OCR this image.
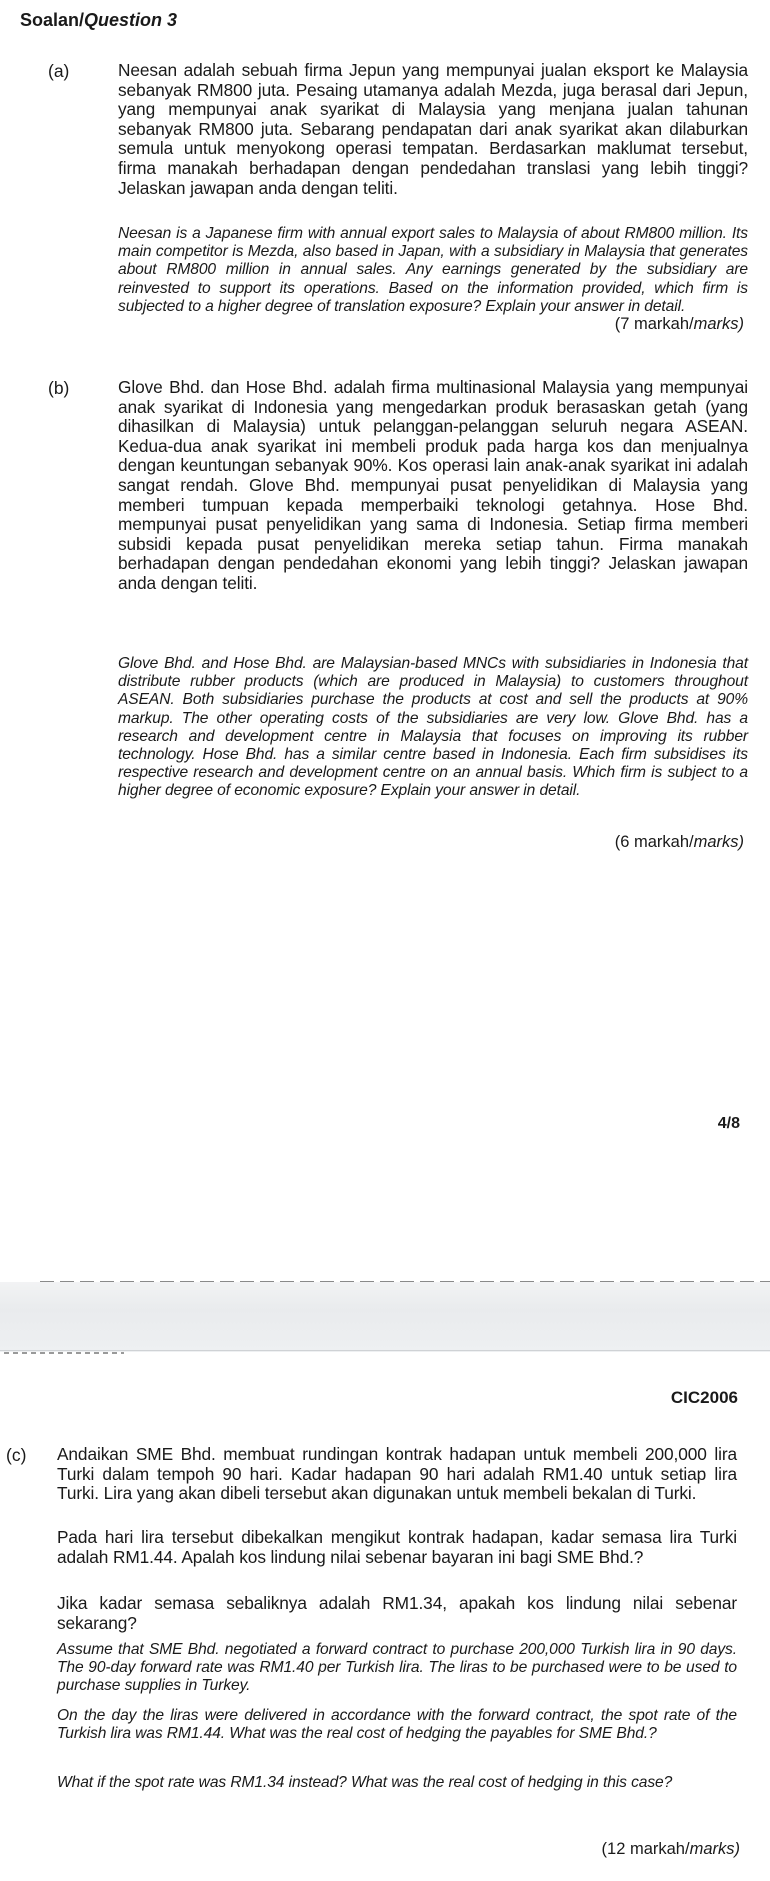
Soalan/Question 3
(a)	Neesan adalah sebuah firma Jepun yang mempunyai jualan eksport ke Malaysia sebanyak RM800 juta. Pesaing utamanya adalah Mezda, juga berasal dari Jepun, yang mempunyai anak syarikat di Malaysia yang menjana jualan tahunan sebanyak RM800 juta. Sebarang pendapatan dari anak syarikat akan dilaburkan semula untuk menyokong operasi tempatan. Berdasarkan maklumat tersebut, firma manakah berhadapan dengan pendedahan translasi yang lebih tinggi? Jelaskan jawapan anda dengan teliti.

Neesan is a Japanese firm with annual export sales to Malaysia of about RM800 million. Its main competitor is Mezda, also based in Japan, with a subsidiary in Malaysia that generates about RM800 million in annual sales. Any earnings generated by the subsidiary are reinvested to support its operations. Based on the information provided, which firm is subjected to a higher degree of translation exposure? Explain your answer in detail.

(7 markah/marks)
(b)	Glove Bhd. dan Hose Bhd. adalah firma multinasional Malaysia yang mempunyai anak syarikat di Indonesia yang mengedarkan produk berasaskan getah (yang dihasilkan di Malaysia) untuk pelanggan-pelanggan seluruh negara ASEAN. Kedua-dua anak syarikat ini membeli produk pada harga kos dan menjualnya dengan keuntungan sebanyak 90%. Kos operasi lain anak-anak syarikat ini adalah sangat rendah. Glove Bhd. mempunyai pusat penyelidikan di Malaysia yang memberi tumpuan kepada memperbaiki teknologi getahnya. Hose Bhd. mempunyai pusat penyelidikan yang sama di Indonesia. Setiap firma memberi subsidi kepada pusat penyelidikan mereka setiap tahun. Firma manakah berhadapan dengan pendedahan ekonomi yang lebih tinggi? Jelaskan jawapan anda dengan teliti.

Glove Bhd. and Hose Bhd. are Malaysian-based MNCs with subsidiaries in Indonesia that distribute rubber products (which are produced in Malaysia) to customers throughout ASEAN. Both subsidiaries purchase the products at cost and sell the products at 90% markup. The other operating costs of the subsidiaries are very low. Glove Bhd. has a research and development centre in Malaysia that focuses on improving its rubber technology. Hose Bhd. has a similar centre based in Indonesia. Each firm subsidises its respective research and development centre on an annual basis. Which firm is subject to a higher degree of economic exposure? Explain your answer in detail.

(6 markah/marks)
4/8
CIC2006
(c) Andaikan SME Bhd. membuat rundingan kontrak hadapan untuk membeli 200,000 lira Turki dalam tempoh 90 hari. Kadar hadapan 90 hari adalah RM1.40 untuk setiap lira Turki. Lira yang akan dibeli tersebut akan digunakan untuk membeli bekalan di Turki.

Pada hari lira tersebut dibekalkan mengikut kontrak hadapan, kadar semasa lira Turki adalah RM1.44. Apalah kos lindung nilai sebenar bayaran ini bagi SME Bhd.?

Jika kadar semasa sebaliknya adalah RM1.34, apakah kos lindung nilai sebenar sekarang?

Assume that SME Bhd. negotiated a forward contract to purchase 200,000 Turkish lira in 90 days. The 90-day forward rate was RM1.40 per Turkish lira. The liras to be purchased were to be used to purchase supplies in Turkey.

On the day the liras were delivered in accordance with the forward contract, the spot rate of the Turkish lira was RM1.44. What was the real cost of hedging the payables for SME Bhd.?

What if the spot rate was RM1.34 instead? What was the real cost of hedging in this case?

(12 markah/marks)
